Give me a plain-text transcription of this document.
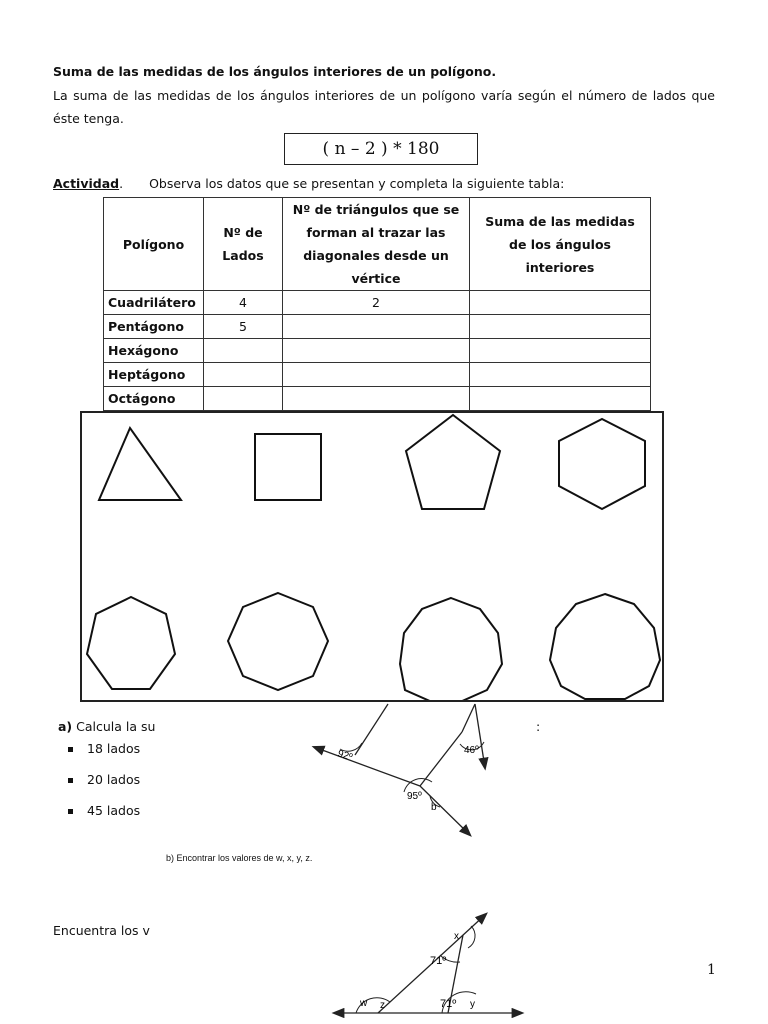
Suma de las medidas de los ángulos interiores de un polígono.
La suma de las medidas de los ángulos interiores de un polígono varía según el número de lados que éste tenga.
( n – 2 ) * 180
Actividad. Observa los datos que se presentan y completa la siguiente tabla:
Polígono	Nº de Lados	Nº de triángulos que se forman al trazar las diagonales desde un vértice	Suma de las medidas de los ángulos interiores
Cuadrilátero	4	2	
Pentágono	5		
Hexágono			
Heptágono			
Octágono			
a) Calcula la su	:
18 lados
20 lados
45 lados
92º	46º
95º
b
b) Encontrar los valores de w, x, y, z.
Encuentra los v
1
x
71º
w z	71º y
